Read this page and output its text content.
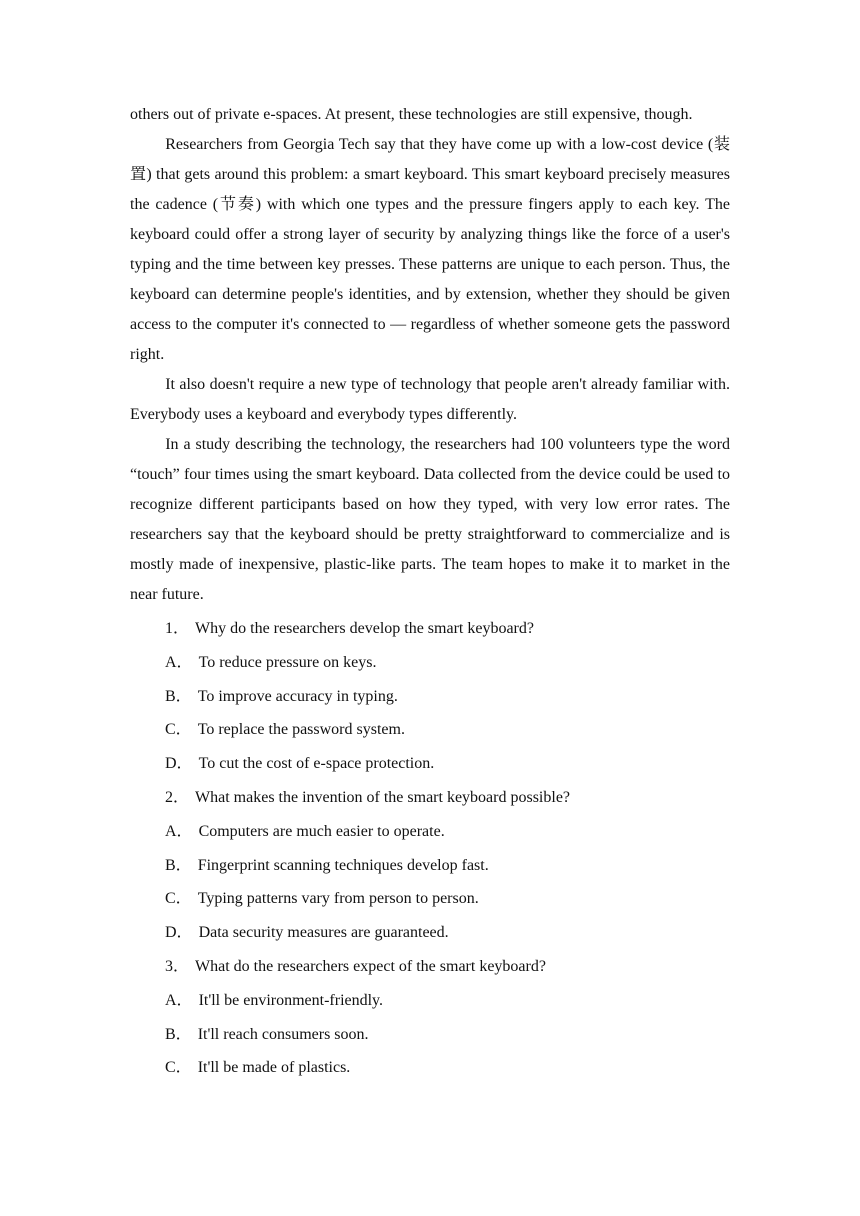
others out of private e-spaces. At present, these technologies are still expensive, though.

Researchers from Georgia Tech say that they have come up with a low-cost device (装置) that gets around this problem: a smart keyboard. This smart keyboard precisely measures the cadence (节奏) with which one types and the pressure fingers apply to each key. The keyboard could offer a strong layer of security by analyzing things like the force of a user's typing and the time between key presses. These patterns are unique to each person. Thus, the keyboard can determine people's identities, and by extension, whether they should be given access to the computer it's connected to — regardless of whether someone gets the password right.

It also doesn't require a new type of technology that people aren't already familiar with. Everybody uses a keyboard and everybody types differently.

In a study describing the technology, the researchers had 100 volunteers type the word “touch” four times using the smart keyboard. Data collected from the device could be used to recognize different participants based on how they typed, with very low error rates. The researchers say that the keyboard should be pretty straightforward to commercialize and is mostly made of inexpensive, plastic-like parts. The team hopes to make it to market in the near future.

1． Why do the researchers develop the smart keyboard?
A． To reduce pressure on keys.
B． To improve accuracy in typing.
C． To replace the password system.
D． To cut the cost of e-space protection.
2． What makes the invention of the smart keyboard possible?
A． Computers are much easier to operate.
B． Fingerprint scanning techniques develop fast.
C． Typing patterns vary from person to person.
D． Data security measures are guaranteed.
3． What do the researchers expect of the smart keyboard?
A． It'll be environment-friendly.
B． It'll reach consumers soon.
C． It'll be made of plastics.
